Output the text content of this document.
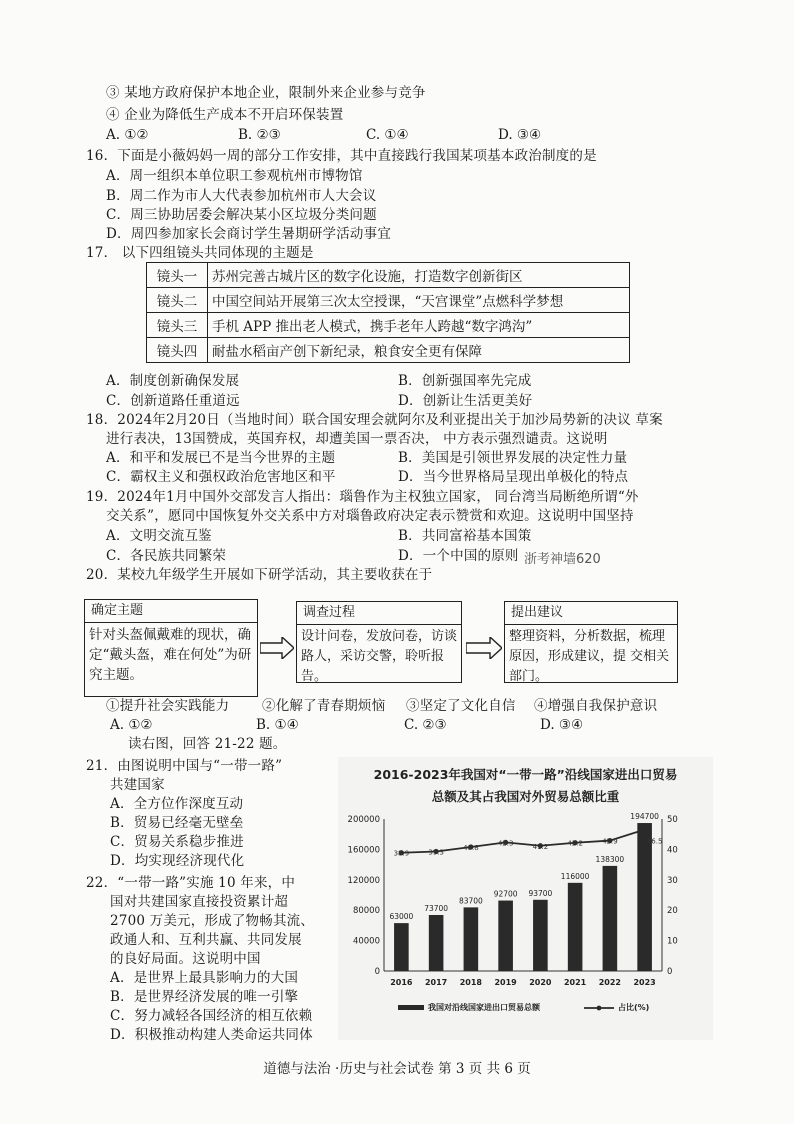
③ 某地方政府保护本地企业，限制外来企业参与竞争
④ 企业为降低生产成本不开启环保装置
A. ①②	B. ②③	C. ①④	D. ③④
16．下面是小薇妈妈一周的部分工作安排，其中直接践行我国某项基本政治制度的是
A．周一组织本单位职工参观杭州市博物馆
B．周二作为市人大代表参加杭州市人大会议
C．周三协助居委会解决某小区垃圾分类问题
D．周四参加家长会商讨学生暑期研学活动事宜
17． 以下四组镜头共同体现的主题是
镜头一	苏州完善古城片区的数字化设施，打造数字创新街区
镜头二	中国空间站开展第三次太空授课，“天宫课堂”点燃科学梦想
镜头三	手机 APP 推出老人模式，携手老年人跨越“数字鸿沟”
镜头四	耐盐水稻亩产创下新纪录，粮食安全更有保障
A．制度创新确保发展	B．创新强国率先完成
C．创新道路任重道远	D．创新让生活更美好
18．2024年2月20日（当地时间）联合国安理会就阿尔及利亚提出关于加沙局势新的决议 草案
进行表决，13国赞成，英国弃权，却遭美国一票否决， 中方表示强烈谴责。这说明
A．和平和发展已不是当今世界的主题	B．美国是引领世界发展的决定性力量
C．霸权主义和强权政治危害地区和平	D．当今世界格局呈现出单极化的特点
19．2024年1月中国外交部发言人指出：瑙鲁作为主权独立国家， 同台湾当局断绝所谓“外
交关系”，愿同中国恢复外交关系中方对瑙鲁政府决定表示赞赏和欢迎。这说明中国坚持
A．文明交流互鉴	B．共同富裕基本国策
C．各民族共同繁荣	D．一个中国的原则 浙考神墙620
20．某校九年级学生开展如下研学活动，其主要收获在于
确定主题
针对头盔佩戴难的现状，确定“戴头盔，难在何处”为研究主题。
调查过程
设计问卷，发放问卷，访谈路人，采访交警，聆听报告。
提出建议
整理资料，分析数据，梳理原因，形成建议，提 交相关部门。
①提升社会实践能力 ②化解了青春期烦恼 ③坚定了文化自信 ④增强自我保护意识
A. ①②	B. ①④	C. ②③	D. ③④
读右图，回答 21-22 题。
21．由图说明中国与“一带一路”
共建国家
A．全方位作深度互动
B．贸易已经毫无壁垒
C．贸易关系稳步推进
D．均实现经济现代化
22．“一带一路”实施 10 年来，中
国对共建国家直接投资累计超
2700 万美元，形成了物畅其流、
政通人和、互利共赢、共同发展
的良好局面。这说明中国
A．是世界上最具影响力的大国
B．是世界经济发展的唯一引擎
C．努力减轻各国经济的相互依赖
D．积极推动构建人类命运共同体
2016-2023年我国对“一带一路”沿线国家进出口贸易
总额及其占我国对外贸易总额比重
0
40000
80000
120000
160000
200000
0
10
20
30
40
50
63000
2016
73700
2017
83700
2018
92700
2019
93700
2020
116000
2021
138300
2022
194700
2023
38.9	39.3
40.8
42.3	41.2	42.2	42.9	46.5
我国对沿线国家进出口贸易总额	占比(%)
道德与法治 ·历史与社会试卷 第 3 页 共 6 页
